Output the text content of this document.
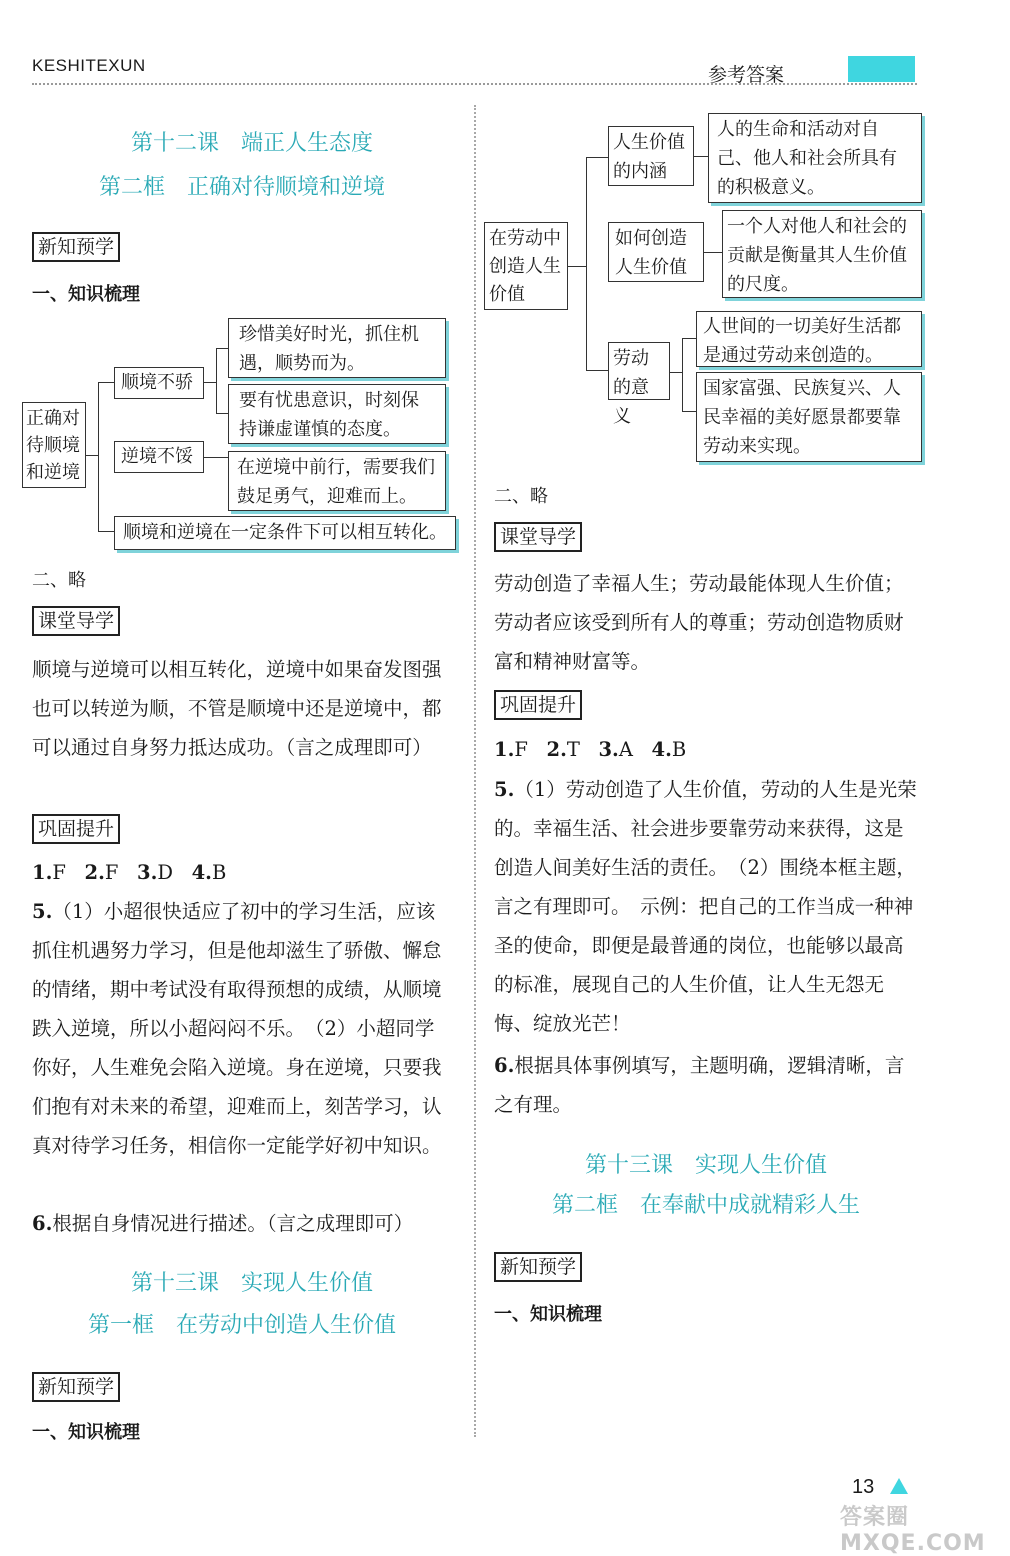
KESHITEXUN	参考答案
第十二课　端正人生态度
第二框　正确对待顺境和逆境
新知预学
一、知识梳理
正确对待顺境和逆境
顺境不骄
珍惜美好时光，抓住机遇，顺势而为。
要有忧患意识，时刻保持谦虚谨慎的态度。
逆境不馁
在逆境中前行，需要我们鼓足勇气，迎难而上。
顺境和逆境在一定条件下可以相互转化。
二、略
课堂导学
顺境与逆境可以相互转化，逆境中如果奋发图强也可以转逆为顺，不管是顺境中还是逆境中，都可以通过自身努力抵达成功。（言之成理即可）
巩固提升
1.F 2.F 3.D 4.B
5.（1）小超很快适应了初中的学习生活，应该抓住机遇努力学习，但是他却滋生了骄傲、懈怠的情绪，期中考试没有取得预想的成绩，从顺境跌入逆境，所以小超闷闷不乐。　（2）小超同学你好，人生难免会陷入逆境。身在逆境，只要我们抱有对未来的希望，迎难而上，刻苦学习，认真对待学习任务，相信你一定能学好初中知识。
6.根据自身情况进行描述。（言之成理即可）
第十三课　实现人生价值
第一框　在劳动中创造人生价值
新知预学
一、知识梳理
在劳动中创造人生价值
人生价值的内涵
人的生命和活动对自己、他人和社会所具有的积极意义。
如何创造人生价值
一个人对他人和社会的贡献是衡量其人生价值的尺度。
劳动的意义
人世间的一切美好生活都是通过劳动来创造的。
国家富强、民族复兴、人民幸福的美好愿景都要靠劳动来实现。
二、略
课堂导学
劳动创造了幸福人生；劳动最能体现人生价值；劳动者应该受到所有人的尊重；劳动创造物质财富和精神财富等。
巩固提升
1.F 2.T 3.A 4.B
5.（1）劳动创造了人生价值，劳动的人生是光荣的。幸福生活、社会进步要靠劳动来获得，这是创造人间美好生活的责任。　（2）围绕本框主题，言之有理即可。　示例：把自己的工作当成一种神圣的使命，即便是最普通的岗位，也能够以最高的标准，展现自己的人生价值，让人生无怨无悔、绽放光芒！
6.根据具体事例填写，主题明确，逻辑清晰，言之有理。
第十三课　实现人生价值
第二框　在奉献中成就精彩人生
新知预学
一、知识梳理
13
答案圈 MXQE.COM
